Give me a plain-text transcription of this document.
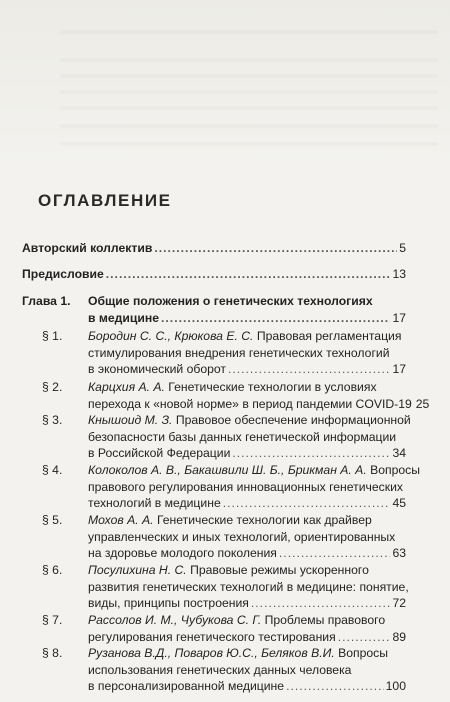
ОГЛАВЛЕНИЕ
Авторский коллектив .....	5
Предисловие .....	13
Глава 1. Общие положения о генетических технологиях
в медицине .....	17
§ 1. Бородин С. С., Крюкова Е. С. Правовая регламентация
стимулирования внедрения генетических технологий
в экономический оборот .....	17
§ 2. Карцхия А. А. Генетические технологии в условиях
перехода к «новой норме» в период пандемии COVID-19 25
§ 3. Кнышоид М. З. Правовое обеспечение информационной
безопасности базы данных генетической информации
в Российской Федерации .....	34
§ 4. Колоколов А. В., Бакашвили Ш. Б., Брикман А. А. Вопросы
правового регулирования инновационных генетических
технологий в медицине .....	45
§ 5. Мохов А. А. Генетические технологии как драйвер
управленческих и иных технологий, ориентированных
на здоровье молодого поколения .....	63
§ 6. Посулихина Н. С. Правовые режимы ускоренного
развития генетических технологий в медицине: понятие,
виды, принципы построения .....	72
§ 7. Рассолов И. М., Чубукова С. Г. Проблемы правового
регулирования генетического тестирования .....	89
§ 8. Рузанова В.Д., Поваров Ю.С., Беляков В.И. Вопросы
использования генетических данных человека
в персонализированной медицине .....	100
